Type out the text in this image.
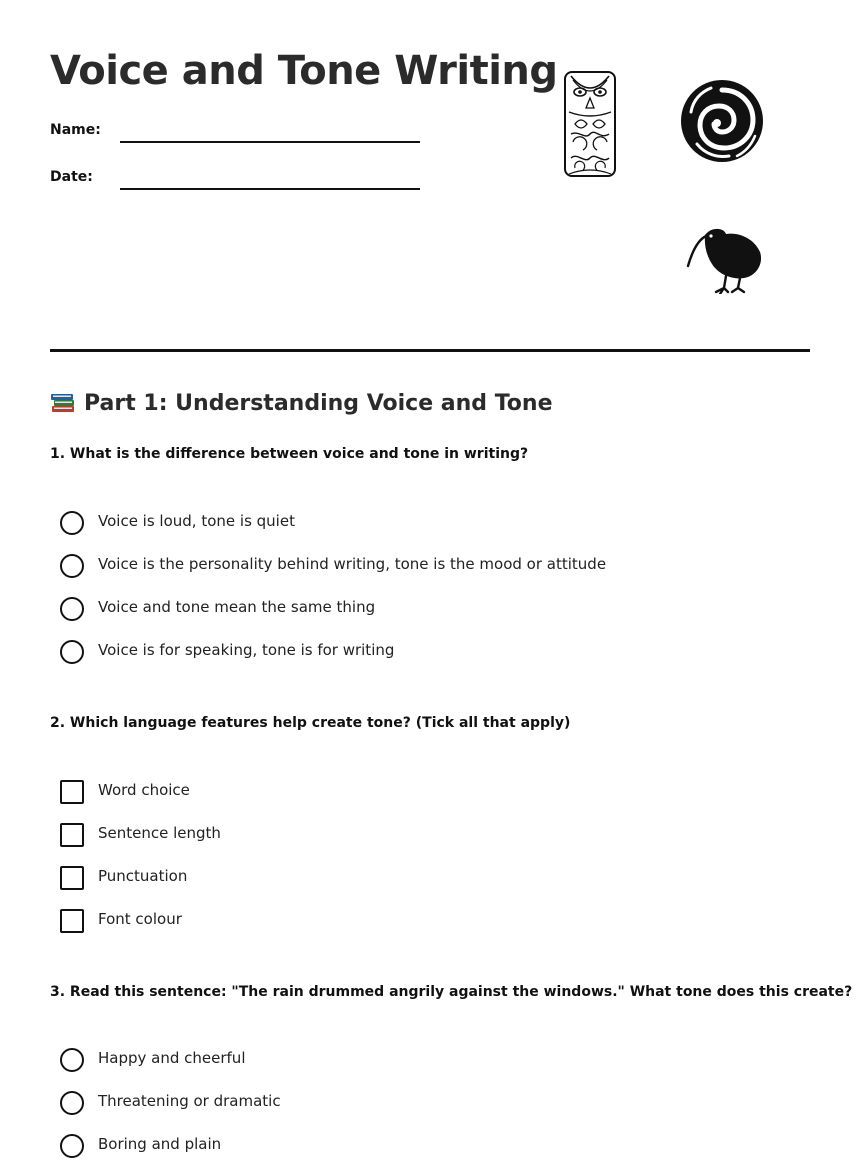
Voice and Tone Writing
Name:
Date:
Part 1: Understanding Voice and Tone

1. What is the difference between voice and tone in writing?

Voice is loud, tone is quiet
Voice is the personality behind writing, tone is the mood or attitude
Voice and tone mean the same thing
Voice is for speaking, tone is for writing

2. Which language features help create tone? (Tick all that apply)

Word choice
Sentence length
Punctuation
Font colour

3. Read this sentence: "The rain drummed angrily against the windows." What tone does this create?

Happy and cheerful
Threatening or dramatic
Boring and plain
